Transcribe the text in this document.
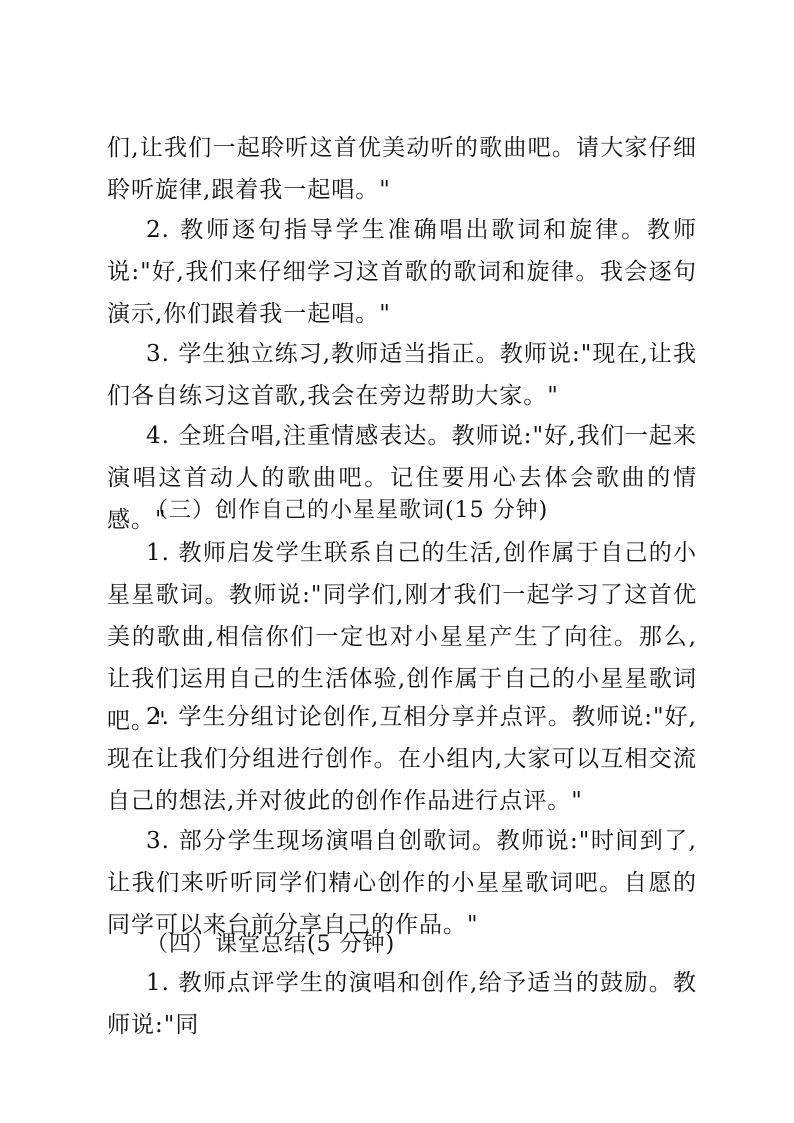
们,让我们一起聆听这首优美动听的歌曲吧。请大家仔细聆听旋律,跟着我一起唱。"

2. 教师逐句指导学生准确唱出歌词和旋律。教师说:"好,我们来仔细学习这首歌的歌词和旋律。我会逐句演示,你们跟着我一起唱。"

3. 学生独立练习,教师适当指正。教师说:"现在,让我们各自练习这首歌,我会在旁边帮助大家。"

4. 全班合唱,注重情感表达。教师说:"好,我们一起来演唱这首动人的歌曲吧。记住要用心去体会歌曲的情感。"

（三）创作自己的小星星歌词(15 分钟)

1. 教师启发学生联系自己的生活,创作属于自己的小星星歌词。教师说:"同学们,刚才我们一起学习了这首优美的歌曲,相信你们一定也对小星星产生了向往。那么,让我们运用自己的生活体验,创作属于自己的小星星歌词吧。"

2. 学生分组讨论创作,互相分享并点评。教师说:"好,现在让我们分组进行创作。在小组内,大家可以互相交流自己的想法,并对彼此的创作作品进行点评。"

3. 部分学生现场演唱自创歌词。教师说:"时间到了,让我们来听听同学们精心创作的小星星歌词吧。自愿的同学可以来台前分享自己的作品。"

（四）课堂总结(5 分钟)

1. 教师点评学生的演唱和创作,给予适当的鼓励。教师说:"同
